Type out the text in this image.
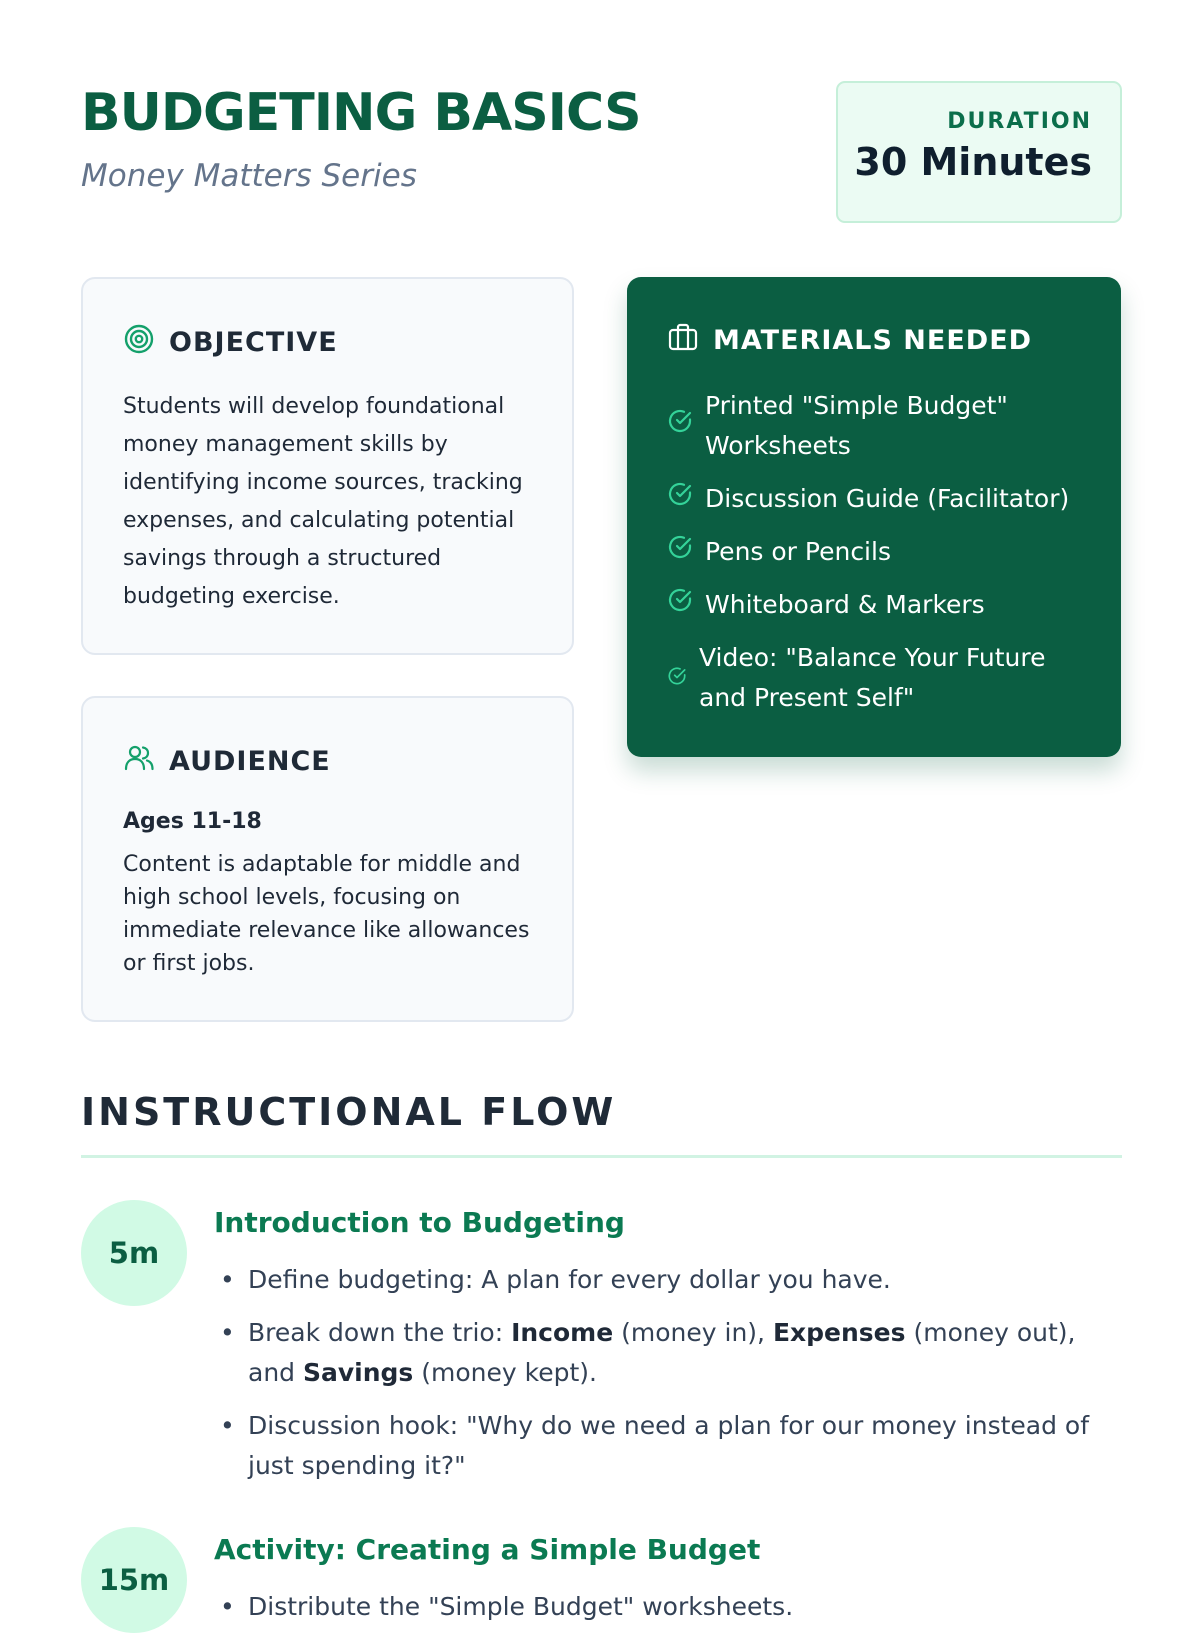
BUDGETING BASICS
Money Matters Series
DURATION
30 Minutes
OBJECTIVE

Students will develop foundational money management skills by identifying income sources, tracking expenses, and calculating potential savings through a structured budgeting exercise.

AUDIENCE
Ages 11-18

Content is adaptable for middle and high school levels, focusing on immediate relevance like allowances or first jobs.

MATERIALS NEEDED
Printed "Simple Budget" Worksheets
Discussion Guide (Facilitator)
Pens or Pencils
Whiteboard & Markers
Video: "Balance Your Future and Present Self"
INSTRUCTIONAL FLOW
5m
Introduction to Budgeting
• Define budgeting: A plan for every dollar you have.
• Break down the trio: Income (money in), Expenses (money out), and Savings (money kept).
• Discussion hook: "Why do we need a plan for our money instead of just spending it?"
15m
Activity: Creating a Simple Budget
• Distribute the "Simple Budget" worksheets.
